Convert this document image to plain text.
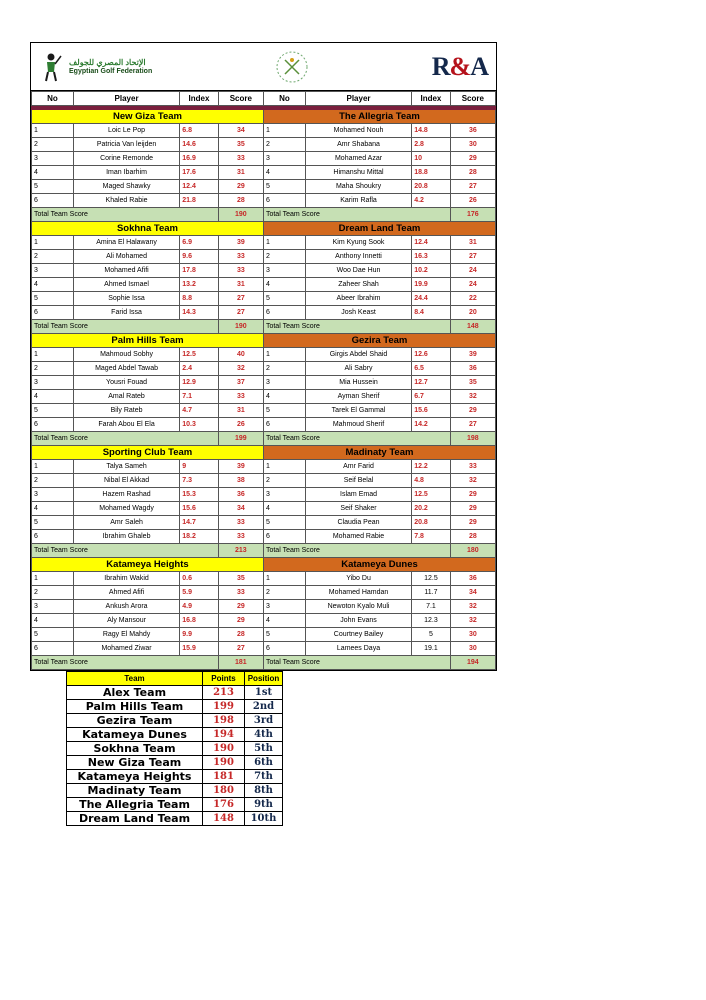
الإتحاد المصري للجولف
Egyptian Golf Federation	R&A
No	Player	Index	Score	No	Player	Index	Score

New Giza Team				The Allegria Team			
1	Loic Le Pop	6.8	34	1	Mohamed Nouh	14.8	36
2	Patricia Van leijden	14.6	35	2	Amr Shabana	2.8	30
3	Corine Remonde	16.9	33	3	Mohamed Azar	10	29
4	Iman Ibarhim	17.6	31	4	Himanshu Mittal	18.8	28
5	Maged Shawky	12.4	29	5	Maha Shoukry	20.8	27
6	Khaled Rabie	21.8	28	6	Karim Rafla	4.2	26
Total Team Score			190	Total Team Score			176
Sokhna Team				Dream Land Team			
1	Amina El Halawany	6.9	39	1	Kim Kyung Sook	12.4	31
2	Ali Mohamed	9.6	33	2	Anthony Innetti	16.3	27
3	Mohamed Afifi	17.8	33	3	Woo Dae Hun	10.2	24
4	Ahmed Ismael	13.2	31	4	Zaheer Shah	19.9	24
5	Sophie Issa	8.8	27	5	Abeer Ibrahim	24.4	22
6	Farid Issa	14.3	27	6	Josh Keast	8.4	20
Total Team Score			190	Total Team Score			148
Palm Hills Team				Gezira Team			
1	Mahmoud Sobhy	12.5	40	1	Girgis Abdel Shaid	12.6	39
2	Maged Abdel Tawab	2.4	32	2	Ali Sabry	6.5	36
3	Yousri Fouad	12.9	37	3	Mia Hussein	12.7	35
4	Amal Rateb	7.1	33	4	Ayman Sherif	6.7	32
5	Bily Rateb	4.7	31	5	Tarek El Gammal	15.6	29
6	Farah Abou El Ela	10.3	26	6	Mahmoud Sherif	14.2	27
Total Team Score			199	Total Team Score			198
Sporting Club Team				Madinaty Team			
1	Talya Sameh	9	39	1	Amr Farid	12.2	33
2	Nibal El Akkad	7.3	38	2	Seif Belal	4.8	32
3	Hazem Rashad	15.3	36	3	Islam Emad	12.5	29
4	Mohamed Wagdy	15.6	34	4	Seif Shaker	20.2	29
5	Amr Saleh	14.7	33	5	Claudia Pean	20.8	29
6	Ibrahim Ghaleb	18.2	33	6	Mohamed Rabie	7.8	28
Total Team Score			213	Total Team Score			180
Katameya Heights				Katameya Dunes			
1	Ibrahim Wakid	0.6	35	1	Yibo Du	12.5	36
2	Ahmed Afifi	5.9	33	2	Mohamed Hamdan	11.7	34
3	Ankush Arora	4.9	29	3	Newoton Kyalo Muli	7.1	32
4	Aly Mansour	16.8	29	4	John Evans	12.3	32
5	Ragy El Mahdy	9.9	28	5	Courtney Bailey	5	30
6	Mohamed Ziwar	15.9	27	6	Lamees Daya	19.1	30
Total Team Score			181	Total Team Score			194
Team	Points	Position
Alex Team	213	1st
Palm Hills Team	199	2nd
Gezira Team	198	3rd
Katameya Dunes	194	4th
Sokhna Team	190	5th
New Giza Team	190	6th
Katameya Heights	181	7th
Madinaty Team	180	8th
The Allegria Team	176	9th
Dream Land Team	148	10th
